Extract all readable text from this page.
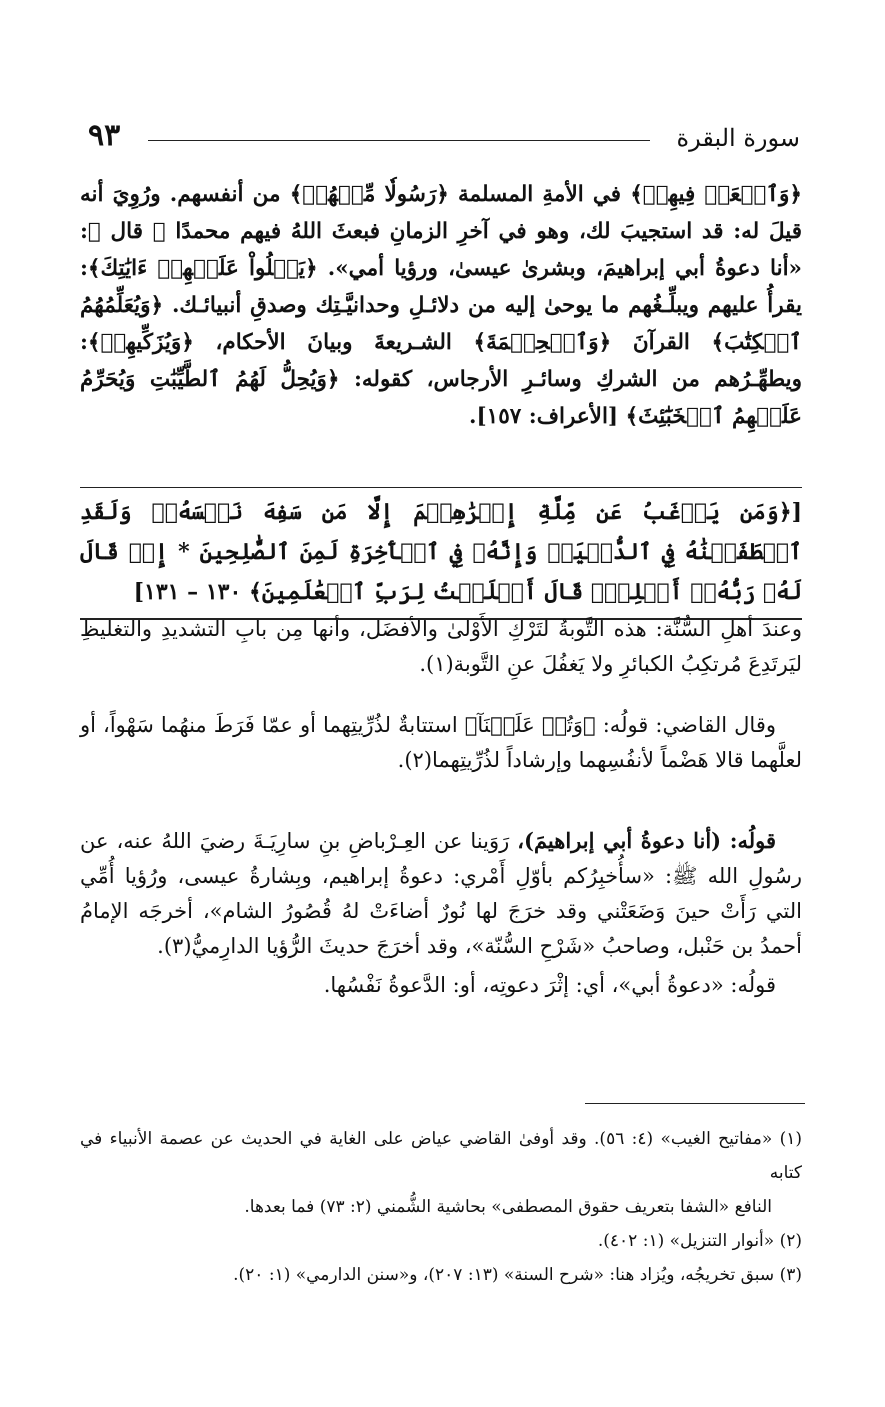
٩٣	سورة البقرة

﴿وَٱبۡعَثۡ فِيهِمۡ﴾ في الأمةِ المسلمة ﴿رَسُولٗا مِّنۡهُمۡ﴾ من أنفسهم. ورُوِيَ أنه قيلَ له: قد استجيبَ لك، وهو في آخرِ الزمانِ فبعثَ اللهُ فيهم محمدًا ﷺ قال ﷺ: «أنا دعوةُ أبي إبراهيمَ، وبشرىٰ عيسىٰ، ورؤيا أمي». ﴿يَتۡلُواْ عَلَيۡهِمۡ ءَايَٰتِكَ﴾: يقرأُ عليهم ويبلِّـغُهم ما يوحىٰ إليه من دلائـلِ وحدانيَّـتِك وصدقِ أنبيائـك. ﴿وَيُعَلِّمُهُمُ ٱلۡكِتَٰبَ﴾ القرآنَ ﴿وَٱلۡحِكۡمَةَ﴾ الشـريعةَ وبيانَ الأحكام، ﴿وَيُزَكِّيهِمۡ﴾: ويطهِّـرُهم من الشركِ وسائـرِ الأرجاس، كقوله: ﴿وَيُحِلُّ لَهُمُ ٱلطَّيِّبَٰتِ وَيُحَرِّمُ عَلَيۡهِمُ ٱلۡخَبَٰٓئِثَ﴾ [الأعراف: ١٥٧].

[﴿وَمَن يَرۡغَبُ عَن مِّلَّةِ إِبۡرَٰهِـۧمَ إِلَّا مَن سَفِهَ نَفۡسَهُۥۚ وَلَقَدِ ٱصۡطَفَيۡنَٰهُ فِي ٱلدُّنۡيَاۖ وَإِنَّهُۥ فِي ٱلۡأٓخِرَةِ لَمِنَ ٱلصَّٰلِحِينَ * إِذۡ قَالَ لَهُۥ رَبُّهُۥٓ أَسۡلِمۡۖ قَالَ أَسۡلَمۡتُ لِرَبِّ ٱلۡعَٰلَمِينَ﴾ ١٣٠ – ١٣١]

وعندَ أهلِ السُّنَّة: هذه التَّوبةُ لتَرْكِ الأَوْلىٰ والأفضَل، وأنها مِن بابِ التشديدِ والتغليظِ ليَرتَدِعَ مُرتكِبُ الكبائرِ ولا يَغفُلَ عنِ التَّوبة(١).

وقال القاضي: قولُه: ﴿وَتُبۡ عَلَيۡنَآ﴾ استتابةٌ لذُرِّيتِهما أو عمّا فَرَطَ منهُما سَهْواً، أو لعلَّهما قالا هَضْماً لأنفُسِهما وإرشاداً لذُرِّيتِهما(٢).

قولُه: (أنا دعوةُ أبي إبراهيمَ)، رَوَينا عن العِـرْباضِ بنِ سارِيَـةَ رضيَ اللهُ عنه، عن رسُولِ الله ﷺ: «سأُخبِرُكم بأوّلِ أَمْري: دعوةُ إبراهيم، وبِشارةُ عيسى، ورُؤيا أُمِّي التي رَأَتْ حينَ وَضَعَتْني وقد خرَجَ لها نُورٌ أضاءَتْ لهُ قُصُورُ الشام»، أخرجَه الإمامُ أحمدُ بن حَنْبل، وصاحبُ «شَرْحِ السُّنّة»، وقد أخرَجَ حديثَ الرُّؤيا الدارِميُّ(٣).

قولُه: «دعوةُ أبي»، أي: إثْرَ دعوتِه، أو: الدَّعوةُ نَفْسُها.

(١) «مفاتيح الغيب» (٤: ٥٦). وقد أوفىٰ القاضي عياض على الغاية في الحديث عن عصمة الأنبياء في كتابه

النافع «الشفا بتعريف حقوق المصطفى» بحاشية الشُّمني (٢: ٧٣) فما بعدها.

(٢) «أنوار التنزيل» (١: ٤٠٢).

(٣) سبق تخريجُه، ويُزاد هنا: «شرح السنة» (١٣: ٢٠٧)، و«سنن الدارمي» (١: ٢٠).
